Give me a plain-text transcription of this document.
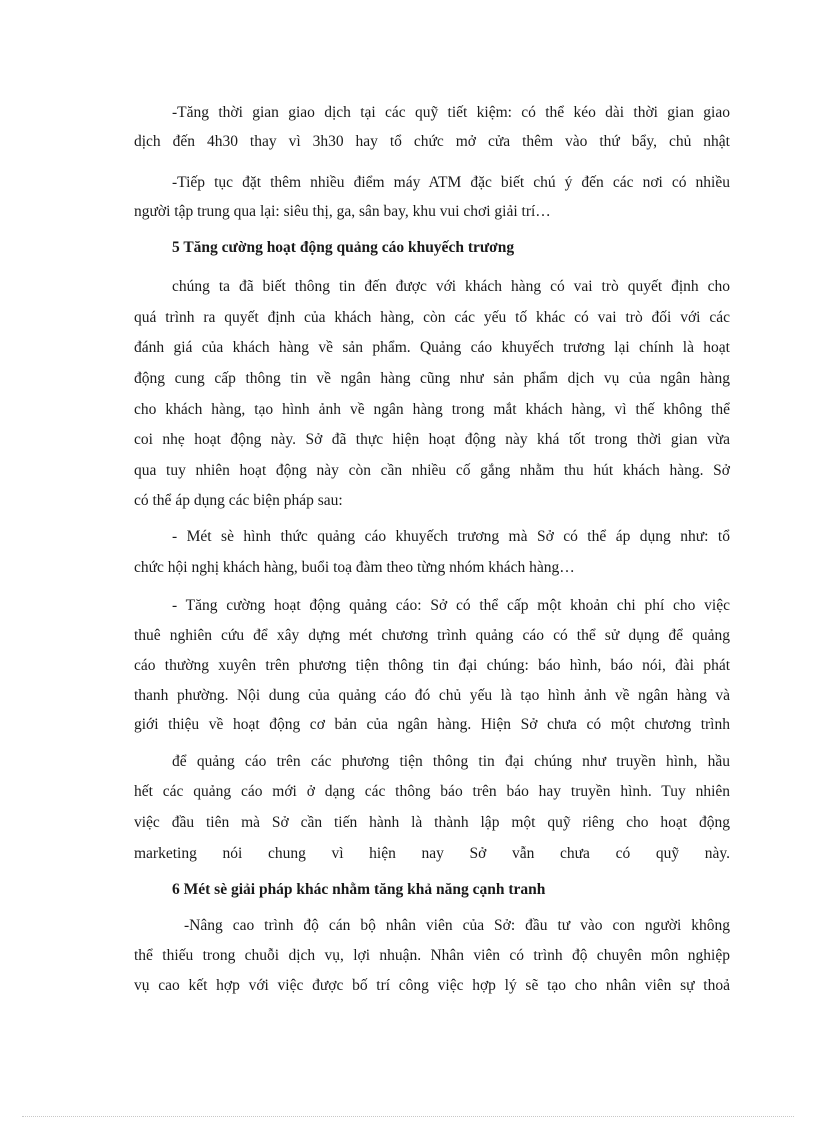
-Tăng thời gian giao dịch tại các quỹ tiết kiệm: có thể kéo dài thời gian giao
dịch đến 4h30 thay vì 3h30 hay tổ chức mở cửa thêm vào thứ bẩy, chủ nhật
-Tiếp tục đặt thêm nhiều điểm máy ATM đặc biết chú ý đến các nơi có nhiều
người tập trung qua lại: siêu thị, ga, sân bay, khu vui chơi giải trí…
5 Tăng cường hoạt động quảng cáo khuyếch trương
chúng ta đã biết thông tin đến được với khách hàng có vai trò quyết định cho
quá trình ra quyết định của khách hàng, còn các yếu tố khác có vai trò đối với các
đánh giá của khách hàng về sản phẩm. Quảng cáo khuyếch trương lại chính là hoạt
động cung cấp thông tin về ngân hàng cũng như sản phẩm dịch vụ của ngân hàng
cho khách hàng, tạo hình ảnh về ngân hàng trong mắt khách hàng, vì thế không thể
coi nhẹ hoạt động này. Sở đã thực hiện hoạt động này khá tốt trong thời gian vừa
qua tuy nhiên hoạt động này còn cần nhiều cố gắng nhằm thu hút khách hàng. Sở
có thể áp dụng các biện pháp sau:
- Mét sè hình thức quảng cáo khuyếch trương mà Sở có thể áp dụng như: tổ
chức hội nghị khách hàng, buổi toạ đàm theo từng nhóm khách hàng…
- Tăng cường hoạt động quảng cáo: Sở có thể cấp một khoản chi phí cho việc
thuê nghiên cứu để xây dựng mét chương trình quảng cáo có thể sử dụng để quảng
cáo thường xuyên trên phương tiện thông tin đại chúng: báo hình, báo nói, đài phát
thanh phường. Nội dung của quảng cáo đó chủ yếu là tạo hình ảnh về ngân hàng và
giới thiệu về hoạt động cơ bản của ngân hàng. Hiện Sở chưa có một chương trình
để quảng cáo trên các phương tiện thông tin đại chúng như truyền hình, hầu
hết các quảng cáo mới ở dạng các thông báo trên báo hay truyền hình. Tuy nhiên
việc đầu tiên mà Sở cần tiến hành là thành lập một quỹ riêng cho hoạt động
marketing nói chung vì hiện nay Sở vẫn chưa có quỹ này.
6 Mét sè giải pháp khác nhằm tăng khả năng cạnh tranh
-Nâng cao trình độ cán bộ nhân viên của Sở: đầu tư vào con người không
thể thiếu trong chuỗi dịch vụ, lợi nhuận. Nhân viên có trình độ chuyên môn nghiệp
vụ cao kết hợp với việc được bố trí công việc hợp lý sẽ tạo cho nhân viên sự thoả
